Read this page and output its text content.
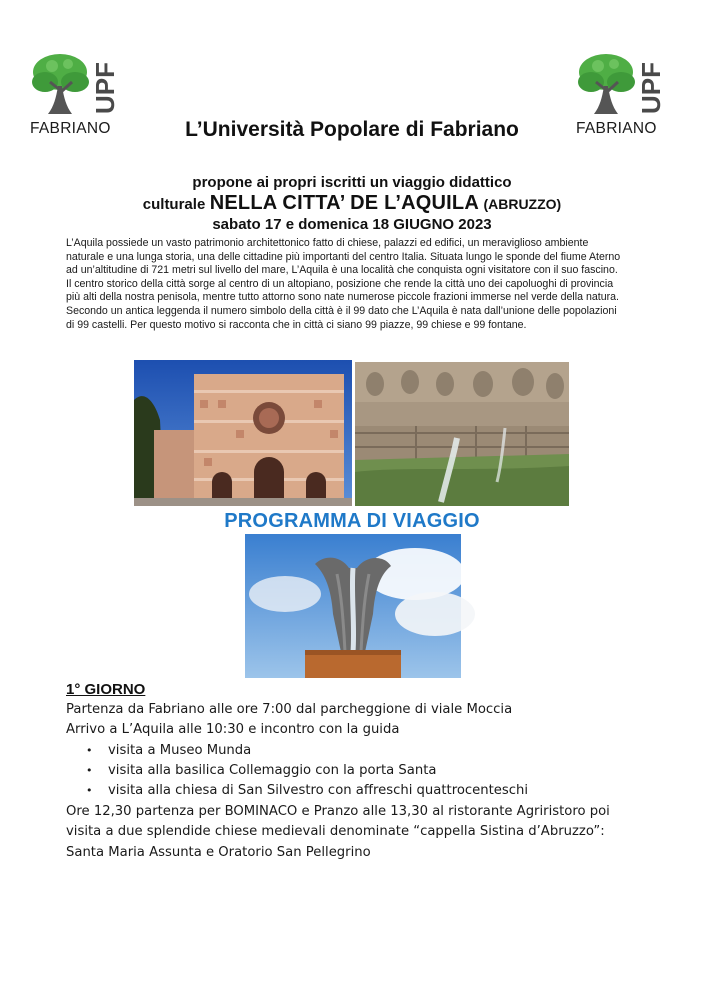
UPF
FABRIANO
UPF
FABRIANO
L’Università Popolare di Fabriano
propone ai propri iscritti un viaggio didattico
culturale NELLA CITTA’ DE L’AQUILA (ABRUZZO)
sabato 17 e domenica 18 GIUGNO 2023

L’Aquila possiede un vasto patrimonio architettonico fatto di chiese, palazzi ed edifici, un meraviglioso ambiente naturale e una lunga storia, una delle cittadine più importanti del centro Italia. Situata lungo le sponde del fiume Aterno ad un’altitudine di 721 metri sul livello del mare, L’Aquila è una località che conquista ogni visitatore con il suo fascino. Il centro storico della città sorge al centro di un altopiano, posizione che rende la città uno dei capoluoghi di provincia più alti della nostra penisola, mentre tutto attorno sono nate numerose piccole frazioni immerse nel verde della natura. Secondo un antica leggenda il numero simbolo della città è il 99 dato che L’Aquila è nata dall’unione delle popolazioni di 99 castelli. Per questo motivo si racconta che in città ci siano 99 piazze, 99 chiese e 99 fontane.

PROGRAMMA DI VIAGGIO
1° GIORNO
Partenza da Fabriano alle ore 7:00 dal parcheggione di viale Moccia
Arrivo a L’Aquila alle 10:30 e incontro con la guida
• visita a Museo Munda
• visita alla basilica Collemaggio con la porta Santa
• visita alla chiesa di San Silvestro con affreschi quattrocenteschi
Ore 12,30 partenza per BOMINACO e Pranzo alle 13,30 al ristorante Agriristoro poi
visita a due splendide chiese medievali denominate “cappella Sistina d’Abruzzo”:
Santa Maria Assunta e Oratorio San Pellegrino
